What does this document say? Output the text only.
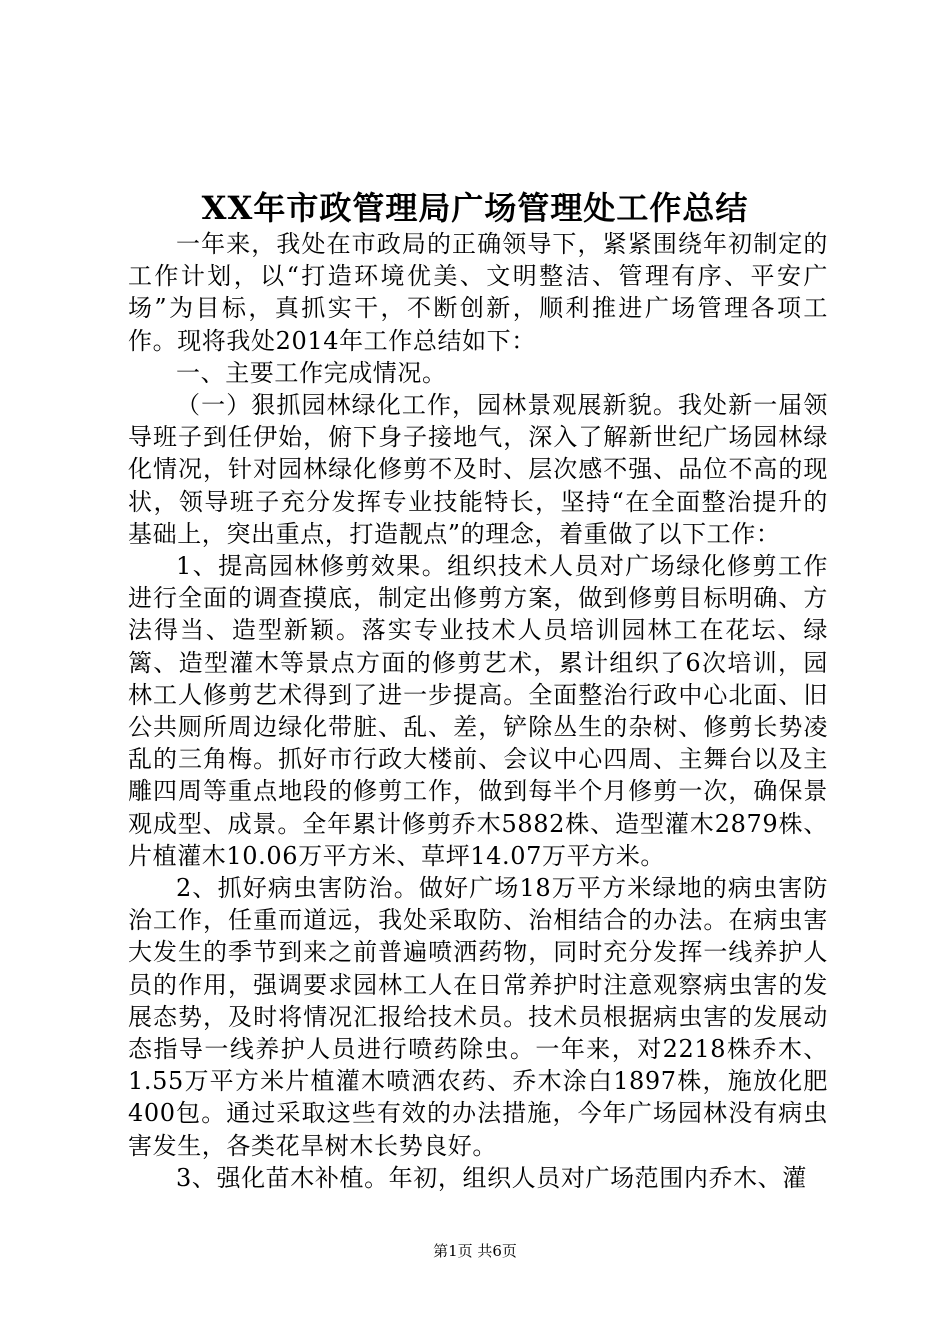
XX年市政管理局广场管理处工作总结

一年来，我处在市政局的正确领导下，紧紧围绕年初制定的工作计划，以“打造环境优美、文明整洁、管理有序、平安广场”为目标，真抓实干，不断创新，顺利推进广场管理各项工作。现将我处2014年工作总结如下：

一、主要工作完成情况。

（一）狠抓园林绿化工作，园林景观展新貌。我处新一届领导班子到任伊始，俯下身子接地气，深入了解新世纪广场园林绿化情况，针对园林绿化修剪不及时、层次感不强、品位不高的现状，领导班子充分发挥专业技能特长，坚持“在全面整治提升的基础上，突出重点，打造靓点”的理念，着重做了以下工作：

1、提高园林修剪效果。组织技术人员对广场绿化修剪工作进行全面的调查摸底，制定出修剪方案，做到修剪目标明确、方法得当、造型新颖。落实专业技术人员培训园林工在花坛、绿篱、造型灌木等景点方面的修剪艺术，累计组织了6次培训，园林工人修剪艺术得到了进一步提高。全面整治行政中心北面、旧公共厕所周边绿化带脏、乱、差，铲除丛生的杂树、修剪长势凌乱的三角梅。抓好市行政大楼前、会议中心四周、主舞台以及主雕四周等重点地段的修剪工作，做到每半个月修剪一次，确保景观成型、成景。全年累计修剪乔木5882株、造型灌木2879株、片植灌木10.06万平方米、草坪14.07万平方米。

2、抓好病虫害防治。做好广场18万平方米绿地的病虫害防治工作，任重而道远，我处采取防、治相结合的办法。在病虫害大发生的季节到来之前普遍喷洒药物，同时充分发挥一线养护人员的作用，强调要求园林工人在日常养护时注意观察病虫害的发展态势，及时将情况汇报给技术员。技术员根据病虫害的发展动态指导一线养护人员进行喷药除虫。一年来，对2218株乔木、1.55万平方米片植灌木喷洒农药、乔木涂白1897株，施放化肥400包。通过采取这些有效的办法措施，今年广场园林没有病虫害发生，各类花旱树木长势良好。

3、强化苗木补植。年初，组织人员对广场范围内乔木、灌

第1页 共6页
